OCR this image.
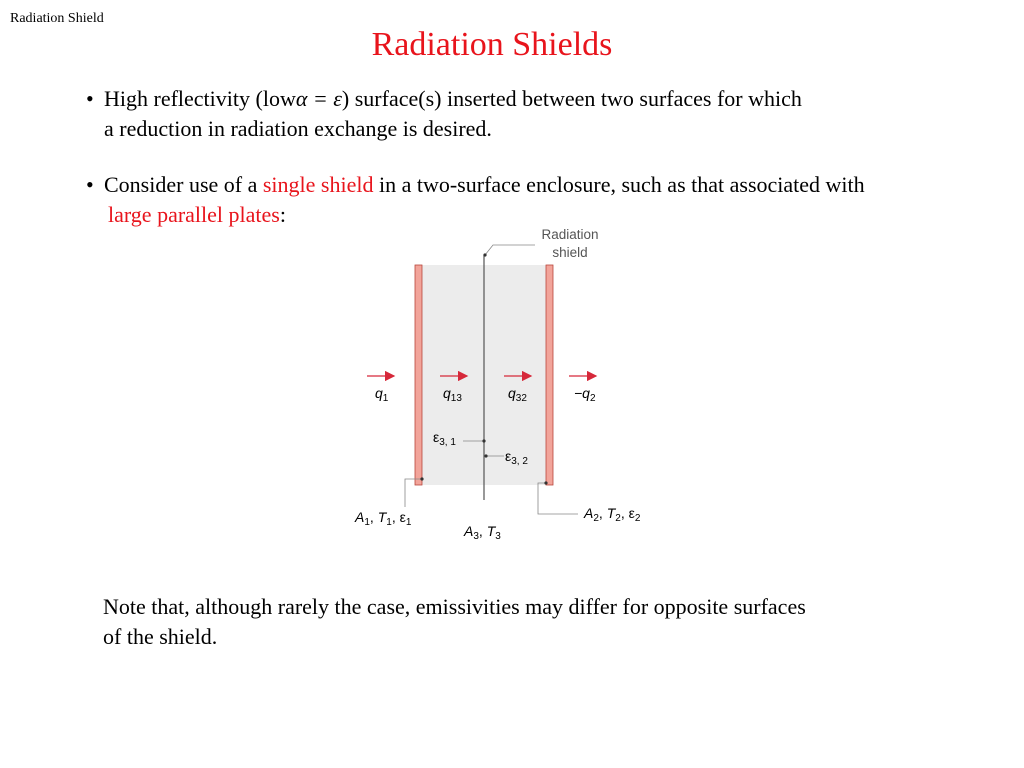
Radiation Shield
Radiation Shields
• High reflectivity (lowα = ε) surface(s) inserted between two surfaces for which
a reduction in radiation exchange is desired.
• Consider use of a single shield in a two-surface enclosure, such as that associated with
large parallel plates:
Radiation
shield
$q_1$	$q_{13}$	$q_{32}$	$-q_2$
$\varepsilon_{3, 1}$
$\varepsilon_{3, 2}$
$A_1$, $T_1$, $\varepsilon_1$
$A_3$, $T_3$
$A_2$, $T_2$, $\varepsilon_2$
Note that, although rarely the case, emissivities may differ for opposite surfaces
of the shield.
